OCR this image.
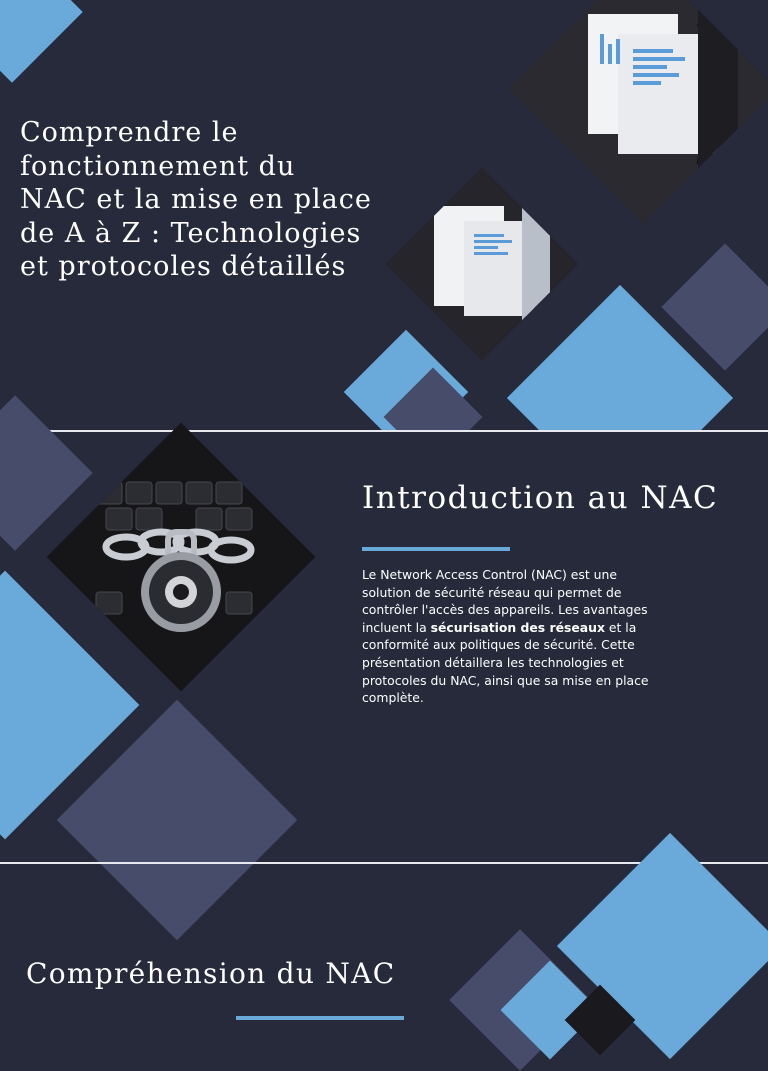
Comprendre le
fonctionnement du
NAC et la mise en place
de A à Z : Technologies
et protocoles détaillés
Introduction au NAC

Le Network Access Control (NAC) est une solution de sécurité réseau qui permet de contrôler l'accès des appareils. Les avantages incluent la sécurisation des réseaux et la conformité aux politiques de sécurité. Cette présentation détaillera les technologies et protocoles du NAC, ainsi que sa mise en place complète.

Compréhension du NAC
